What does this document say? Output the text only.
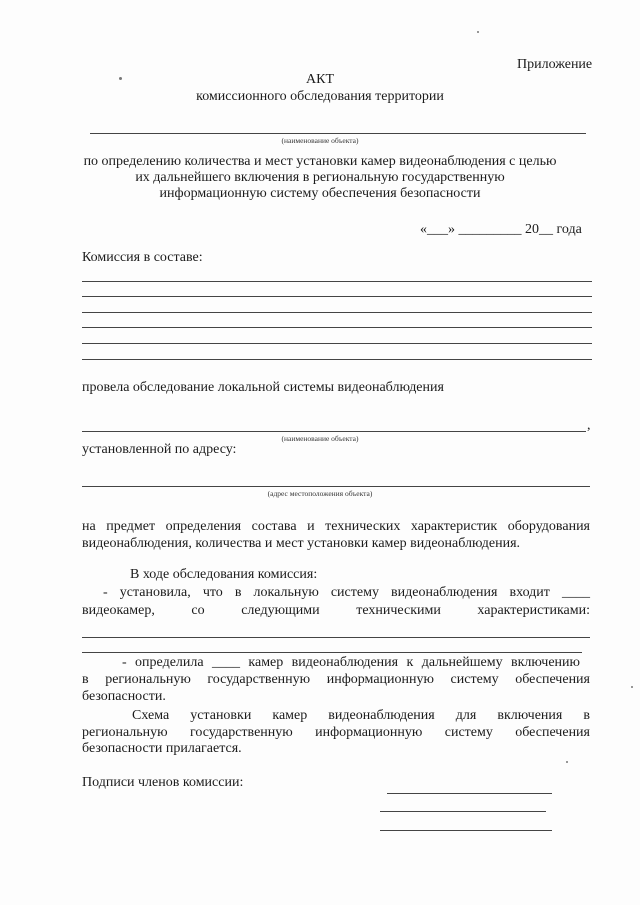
Приложение
АКТ
комиссионного обследования территории
(наименование объекта)
по определению количества и мест установки камер видеонаблюдения с целью
их дальнейшего включения в региональную государственную
информационную систему обеспечения безопасности
«___» _________ 20__ года
Комиссия в составе:
провела обследование локальной системы видеонаблюдения
,
(наименование объекта)
установленной по адресу:
(адрес местоположения объекта)
на предмет определения состава и технических характеристик оборудования
видеонаблюдения, количества и мест установки камер видеонаблюдения.
В ходе обследования комиссия:
- установила, что в локальную систему видеонаблюдения входит ____
видеокамер, со следующими техническими характеристиками:
- определила ____ камер видеонаблюдения к дальнейшему включению
в региональную государственную информационную систему обеспечения
безопасности.
Схема установки камер видеонаблюдения для включения в
региональную государственную информационную систему обеспечения
безопасности прилагается.
Подписи членов комиссии:
